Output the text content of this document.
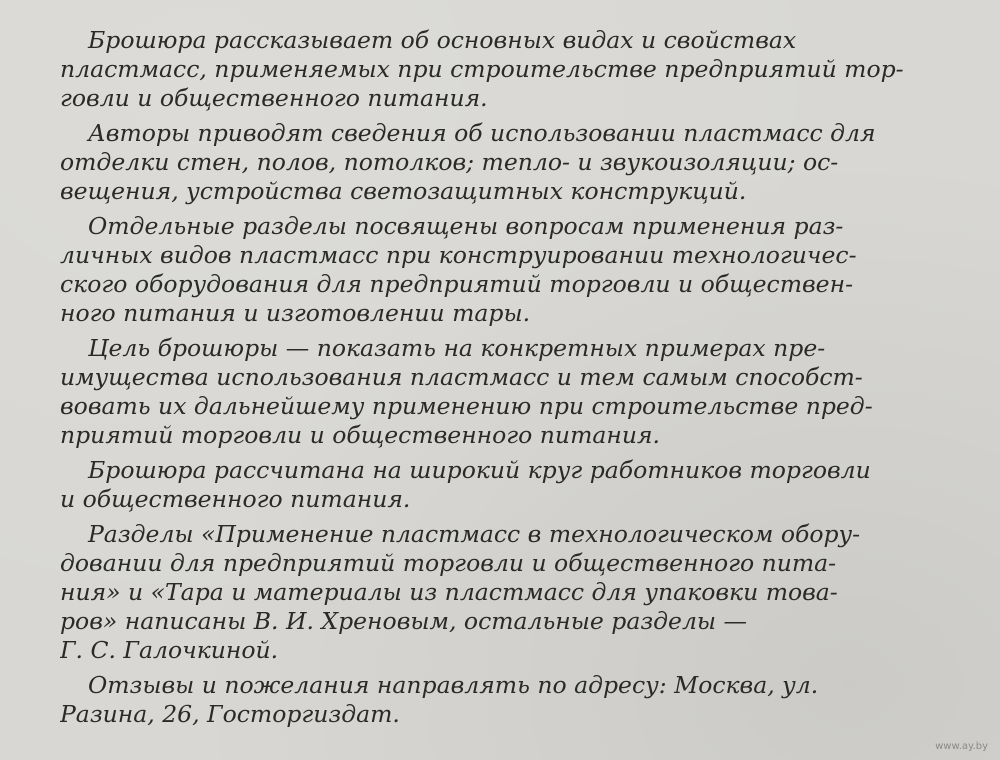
Брошюра рассказывает об основных видах и свойствах
пластмасс, применяемых при строительстве предприятий тор-
говли и общественного питания.
Авторы приводят сведения об использовании пластмасс для
отделки стен, полов, потолков; тепло- и звукоизоляции; ос-
вещения, устройства светозащитных конструкций.
Отдельные разделы посвящены вопросам применения раз-
личных видов пластмасс при конструировании технологичес-
ского оборудования для предприятий торговли и обществен-
ного питания и изготовлении тары.
Цель брошюры — показать на конкретных примерах пре-
имущества использования пластмасс и тем самым способст-
вовать их дальнейшему применению при строительстве пред-
приятий торговли и общественного питания.
Брошюра рассчитана на широкий круг работников торговли
и общественного питания.
Разделы «Применение пластмасс в технологическом обору-
довании для предприятий торговли и общественного пита-
ния» и «Тара и материалы из пластмасс для упаковки това-
ров» написаны В. И. Хреновым, остальные разделы —
Г. С. Галочкиной.
Отзывы и пожелания направлять по адресу: Москва, ул.
Разина, 26, Госторгиздат.
www.ay.by
